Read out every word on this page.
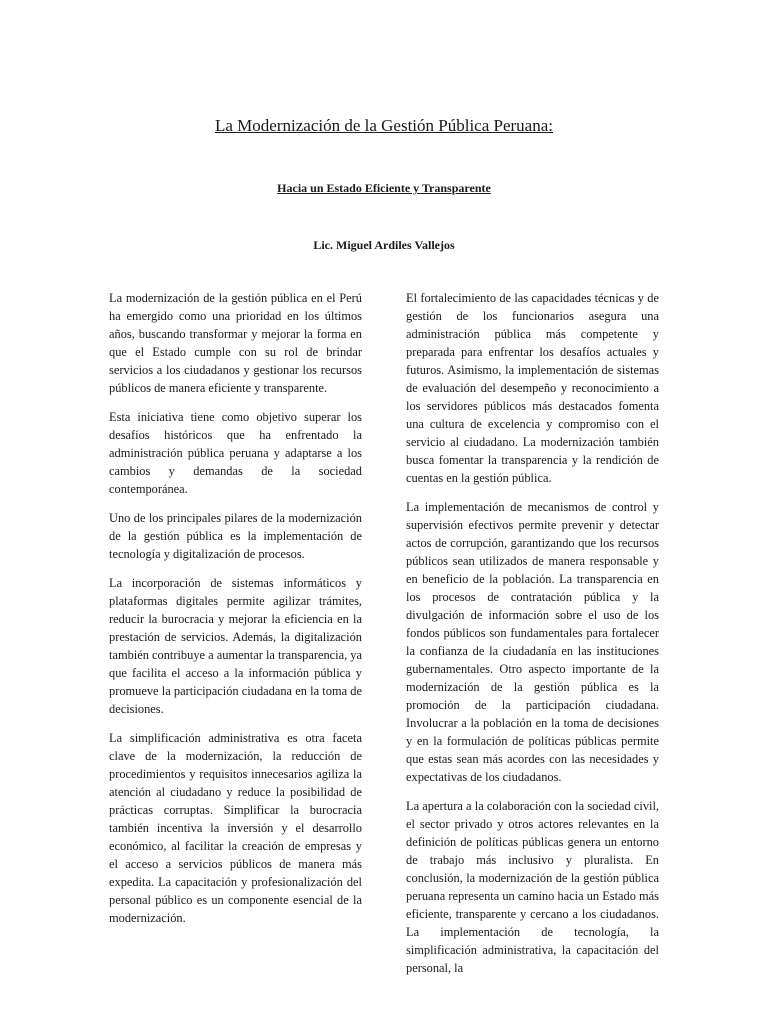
La Modernización de la Gestión Pública Peruana:
Hacia un Estado Eficiente y Transparente
Lic. Miguel Ardiles Vallejos

La modernización de la gestión pública en el Perú ha emergido como una prioridad en los últimos años, buscando transformar y mejorar la forma en que el Estado cumple con su rol de brindar servicios a los ciudadanos y gestionar los recursos públicos de manera eficiente y transparente.

Esta iniciativa tiene como objetivo superar los desafíos históricos que ha enfrentado la administración pública peruana y adaptarse a los cambios y demandas de la sociedad contemporánea.

Uno de los principales pilares de la modernización de la gestión pública es la implementación de tecnología y digitalización de procesos.

La incorporación de sistemas informáticos y plataformas digitales permite agilizar trámites, reducir la burocracia y mejorar la eficiencia en la prestación de servicios. Además, la digitalización también contribuye a aumentar la transparencia, ya que facilita el acceso a la información pública y promueve la participación ciudadana en la toma de decisiones.

La simplificación administrativa es otra faceta clave de la modernización, la reducción de procedimientos y requisitos innecesarios agiliza la atención al ciudadano y reduce la posibilidad de prácticas corruptas. Simplificar la burocracia también incentiva la inversión y el desarrollo económico, al facilitar la creación de empresas y el acceso a servicios públicos de manera más expedita. La capacitación y profesionalización del personal público es un componente esencial de la modernización.

El fortalecimiento de las capacidades técnicas y de gestión de los funcionarios asegura una administración pública más competente y preparada para enfrentar los desafíos actuales y futuros. Asimismo, la implementación de sistemas de evaluación del desempeño y reconocimiento a los servidores públicos más destacados fomenta una cultura de excelencia y compromiso con el servicio al ciudadano. La modernización también busca fomentar la transparencia y la rendición de cuentas en la gestión pública.

La implementación de mecanismos de control y supervisión efectivos permite prevenir y detectar actos de corrupción, garantizando que los recursos públicos sean utilizados de manera responsable y en beneficio de la población. La transparencia en los procesos de contratación pública y la divulgación de información sobre el uso de los fondos públicos son fundamentales para fortalecer la confianza de la ciudadanía en las instituciones gubernamentales. Otro aspecto importante de la modernización de la gestión pública es la promoción de la participación ciudadana. Involucrar a la población en la toma de decisiones y en la formulación de políticas públicas permite que estas sean más acordes con las necesidades y expectativas de los ciudadanos.

La apertura a la colaboración con la sociedad civil, el sector privado y otros actores relevantes en la definición de políticas públicas genera un entorno de trabajo más inclusivo y pluralista. En conclusión, la modernización de la gestión pública peruana representa un camino hacia un Estado más eficiente, transparente y cercano a los ciudadanos. La implementación de tecnología, la simplificación administrativa, la capacitación del personal, la
